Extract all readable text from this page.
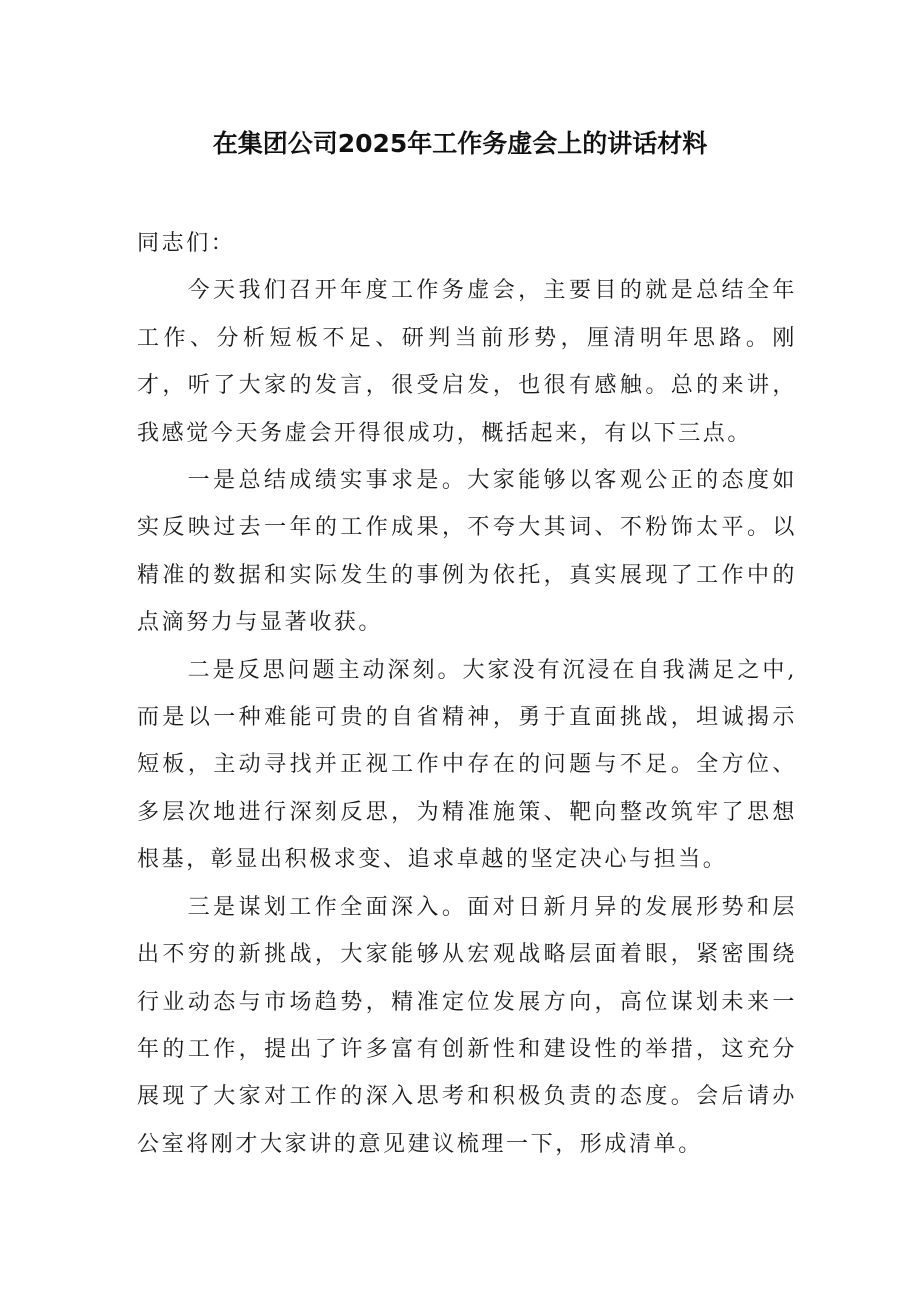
在集团公司2025年工作务虚会上的讲话材料

同志们：

今天我们召开年度工作务虚会，主要目的就是总结全年工作、分析短板不足、研判当前形势，厘清明年思路。刚才，听了大家的发言，很受启发，也很有感触。总的来讲，我感觉今天务虚会开得很成功，概括起来，有以下三点。

一是总结成绩实事求是。大家能够以客观公正的态度如实反映过去一年的工作成果，不夸大其词、不粉饰太平。以精准的数据和实际发生的事例为依托，真实展现了工作中的点滴努力与显著收获。

二是反思问题主动深刻。大家没有沉浸在自我满足之中,而是以一种难能可贵的自省精神，勇于直面挑战，坦诚揭示短板，主动寻找并正视工作中存在的问题与不足。全方位、多层次地进行深刻反思，为精准施策、靶向整改筑牢了思想根基，彰显出积极求变、追求卓越的坚定决心与担当。

三是谋划工作全面深入。面对日新月异的发展形势和层出不穷的新挑战，大家能够从宏观战略层面着眼，紧密围绕行业动态与市场趋势，精准定位发展方向，高位谋划未来一年的工作，提出了许多富有创新性和建设性的举措，这充分展现了大家对工作的深入思考和积极负责的态度。会后请办公室将刚才大家讲的意见建议梳理一下，形成清单。
